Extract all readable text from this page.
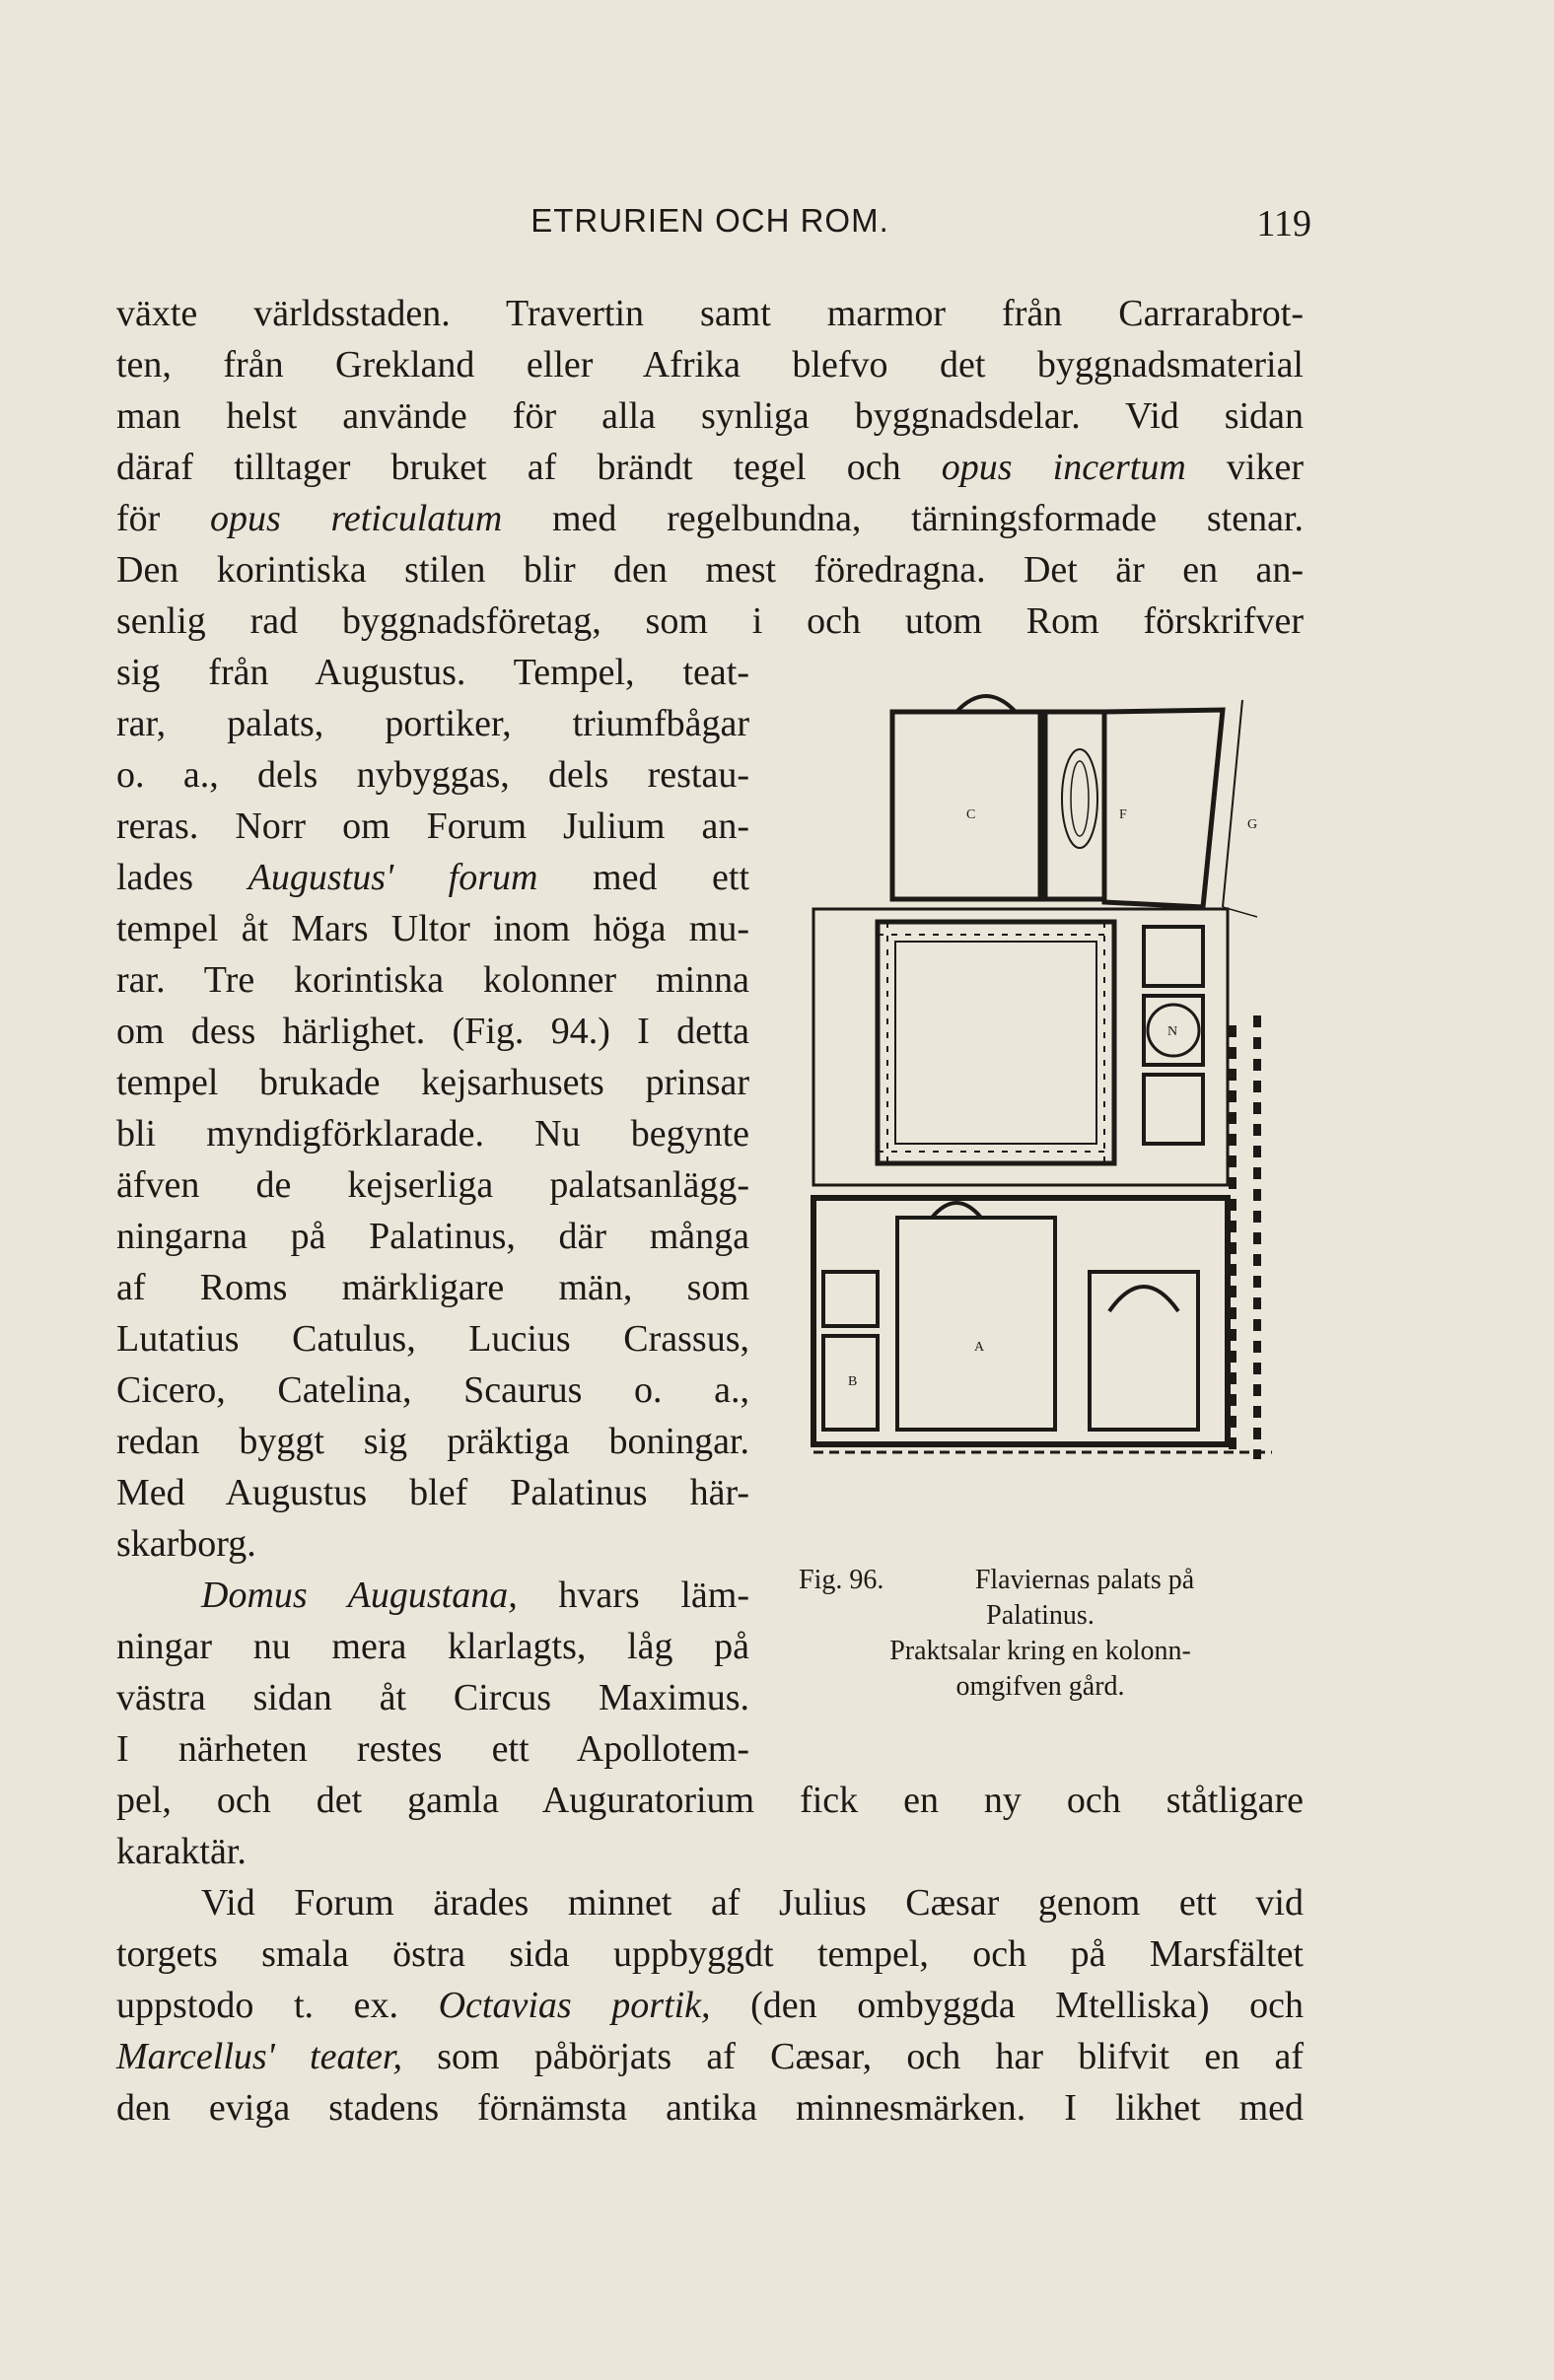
ETRURIEN OCH ROM.	119
växte världsstaden. Travertin samt marmor från Carrarabrot-
ten, från Grekland eller Afrika blefvo det byggnadsmaterial
man helst använde för alla synliga byggnadsdelar. Vid sidan
däraf tilltager bruket af brändt tegel och opus incertum viker
för opus reticulatum med regelbundna, tärningsformade stenar.
Den korintiska stilen blir den mest föredragna. Det är en an-
senlig rad byggnadsföretag, som i och utom Rom förskrifver
sig från Augustus. Tempel, teat-
rar, palats, portiker, triumfbågar
o. a., dels nybyggas, dels restau-
reras. Norr om Forum Julium an-
lades Augustus' forum med ett
tempel åt Mars Ultor inom höga mu-
rar. Tre korintiska kolonner minna
om dess härlighet. (Fig. 94.) I detta
tempel brukade kejsarhusets prinsar
bli myndigförklarade. Nu begynte
äfven de kejserliga palatsanlägg-
ningarna på Palatinus, där många
af Roms märkligare män, som
Lutatius Catulus, Lucius Crassus,
Cicero, Catelina, Scaurus o. a.,
redan byggt sig präktiga boningar.
Med Augustus blef Palatinus här-
skarborg.
Domus Augustana, hvars läm-
ningar nu mera klarlagts, låg på
västra sidan åt Circus Maximus.
I närheten restes ett Apollotem-
pel, och det gamla Auguratorium fick en ny och ståtligare
karaktär.
Vid Forum ärades minnet af Julius Cæsar genom ett vid
torgets smala östra sida uppbyggdt tempel, och på Marsfältet
uppstodo t. ex. Octavias portik, (den ombyggda Mtelliska) och
Marcellus' teater, som påbörjats af Cæsar, och har blifvit en af
den eviga stadens förnämsta antika minnesmärken. I likhet med
C	F
G
N
A
B
Fig. 96.	Flaviernas palats på
Palatinus.
Praktsalar kring en kolonn-
omgifven gård.
